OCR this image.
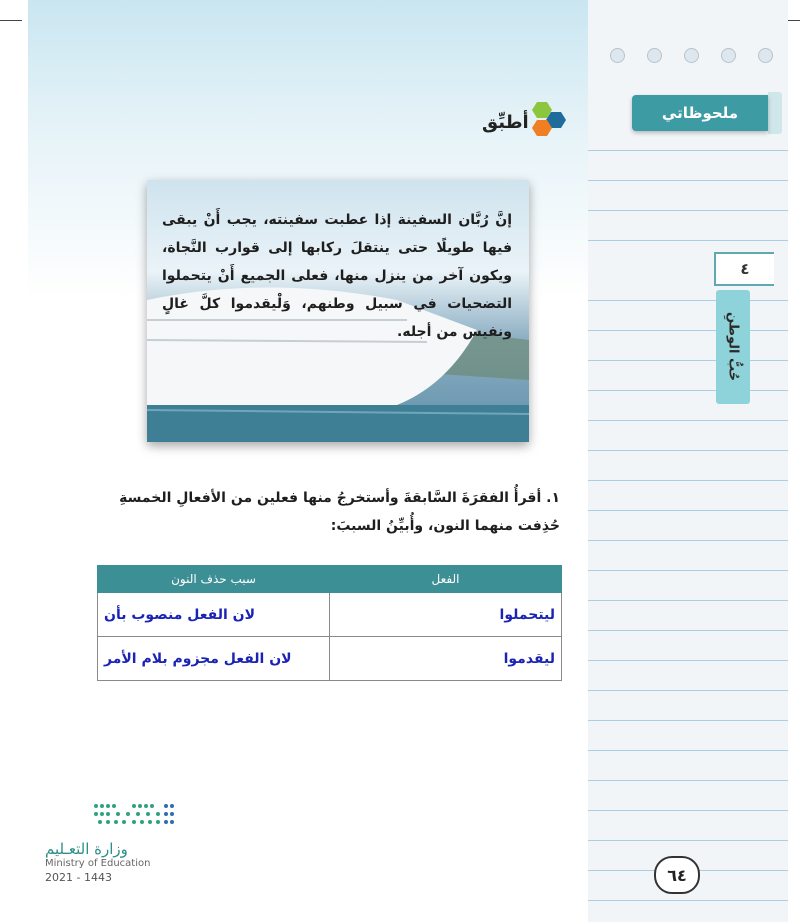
ملحوظاتي
٤
حُبُّ الوطنِ
أطبِّق
إنَّ رُبَّان السفينة إذا عطبت سفينته، يجب أَنْ يبقى فيها طويلًا حتى ينتقلَ ركابها إلى قوارب النَّجاة، ويكون آخر من ينزل منها، فعلى الجميع أَنْ يتحملوا التضحيات في سبيل وطنهم، وَلْيقدموا كلَّ غالٍ ونفيس من أجله.
١. أقرأُ الفقرَةَ السَّابقةَ وأستخرجُ منها فعلين من الأفعالِ الخمسةِ حُذِفت منهما النون، وأُبيِّنُ السببَ:
الفعل	سبب حذف النون
ليتحملوا	لان الفعل منصوب بأن
ليقدموا	لان الفعل مجزوم بلام الأمر
وزارة التعـليم
Ministry of Education
2021 - 1443	٦٤
